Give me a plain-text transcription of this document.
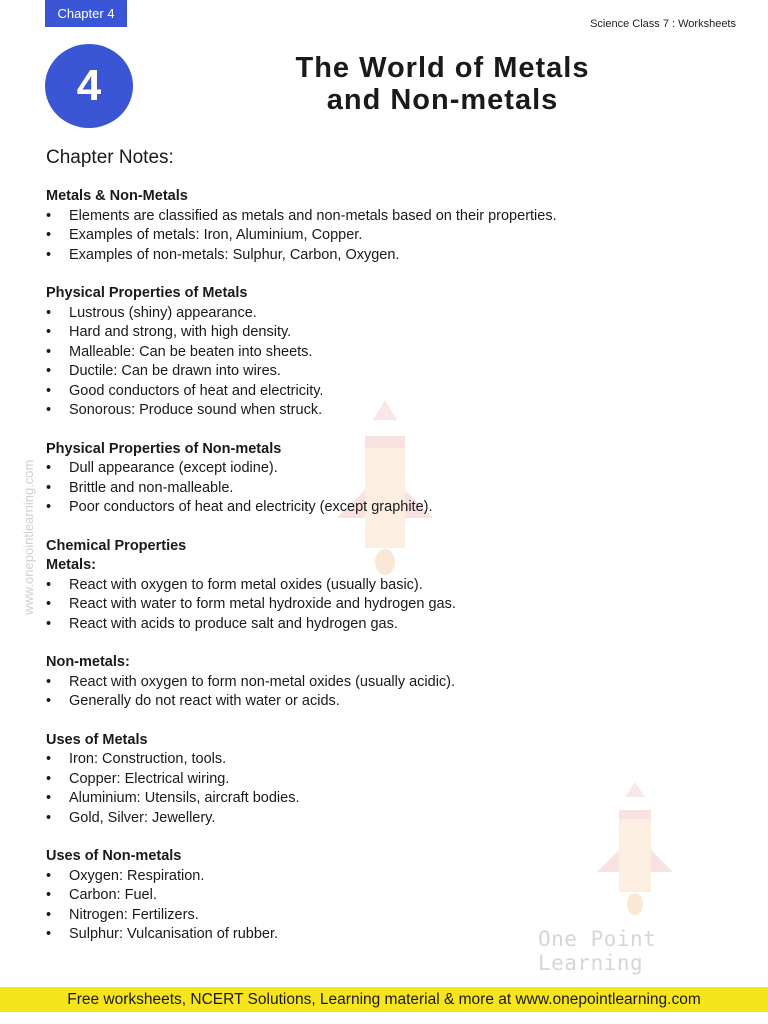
Chapter 4
Science Class 7 : Worksheets
4	The World of Metals
and Non-metals
www.onepointlearning.com
One Point Learning
Chapter Notes:
Metals & Non-Metals
• Elements are classified as metals and non-metals based on their properties.
• Examples of metals: Iron, Aluminium, Copper.
• Examples of non-metals: Sulphur, Carbon, Oxygen.
Physical Properties of Metals
• Lustrous (shiny) appearance.
• Hard and strong, with high density.
• Malleable: Can be beaten into sheets.
• Ductile: Can be drawn into wires.
• Good conductors of heat and electricity.
• Sonorous: Produce sound when struck.
Physical Properties of Non-metals
• Dull appearance (except iodine).
• Brittle and non-malleable.
• Poor conductors of heat and electricity (except graphite).
Chemical Properties
Metals:
• React with oxygen to form metal oxides (usually basic).
• React with water to form metal hydroxide and hydrogen gas.
• React with acids to produce salt and hydrogen gas.
Non-metals:
• React with oxygen to form non-metal oxides (usually acidic).
• Generally do not react with water or acids.
Uses of Metals
• Iron: Construction, tools.
• Copper: Electrical wiring.
• Aluminium: Utensils, aircraft bodies.
• Gold, Silver: Jewellery.
Uses of Non-metals
• Oxygen: Respiration.
• Carbon: Fuel.
• Nitrogen: Fertilizers.
• Sulphur: Vulcanisation of rubber.
Free worksheets, NCERT Solutions, Learning material & more at www.onepointlearning.com
